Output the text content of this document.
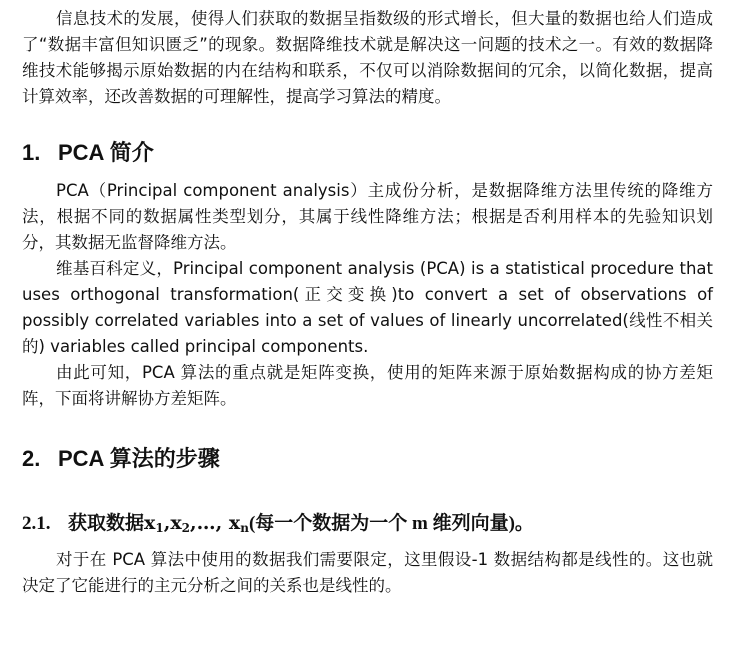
信息技术的发展，使得人们获取的数据呈指数级的形式增长，但大量的数据也给人们造成了“数据丰富但知识匮乏”的现象。数据降维技术就是解决这一问题的技术之一。有效的数据降维技术能够揭示原始数据的内在结构和联系，不仅可以消除数据间的冗余，以简化数据，提高计算效率，还改善数据的可理解性，提高学习算法的精度。

1. PCA 简介

PCA（Principal component analysis）主成份分析，是数据降维方法里传统的降维方法，根据不同的数据属性类型划分，其属于线性降维方法；根据是否利用样本的先验知识划分，其数据无监督降维方法。

维基百科定义，Principal component analysis (PCA) is a statistical procedure that uses orthogonal transformation(正交变换)to convert a set of observations of possibly correlated variables into a set of values of linearly uncorrelated(线性不相关的) variables called principal components.

由此可知，PCA 算法的重点就是矩阵变换，使用的矩阵来源于原始数据构成的协方差矩阵，下面将讲解协方差矩阵。

2. PCA 算法的步骤
2.1. 获取数据$x_1,x_2,\dots$, $x_n$(每一个数据为一个 m 维列向量)。

对于在 PCA 算法中使用的数据我们需要限定，这里假设-1 数据结构都是线性的。这也就决定了它能进行的主元分析之间的关系也是线性的。
